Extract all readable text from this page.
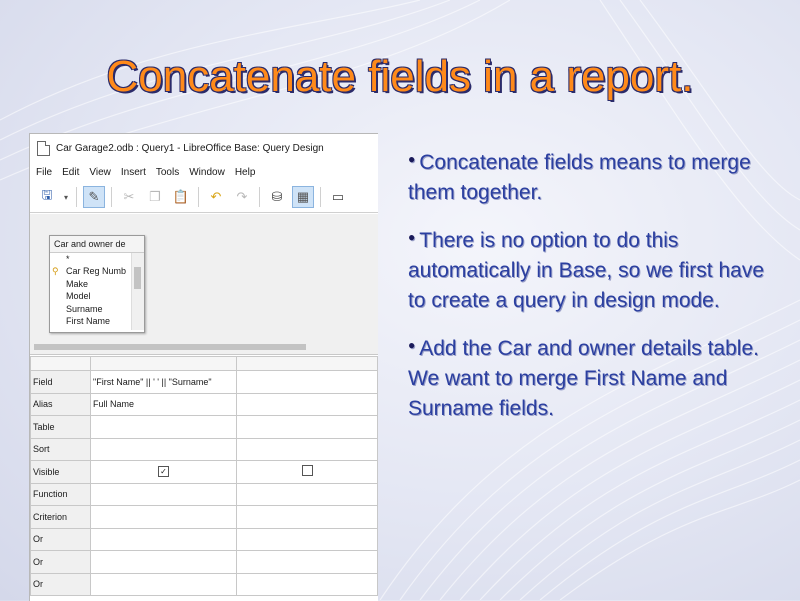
Concatenate fields in a report.
Car Garage2.odb : Query1 - LibreOffice Base: Query Design
File Edit View Insert Tools Window Help
🖫	▾	✎	✂	❐ 📋	↶	↷	⛁	▦	▭
Car and owner de
*
⚲ Car Reg Numb
Make
Model
Surname
First Name

Field	"First Name" || ' ' || "Surname"	
Alias	Full Name	
Table		
Sort		
Visible	✓	
Function		
Criterion		
Or		
Or		
Or		

● Concatenate fields means to merge them together.

● There is no option to do this automatically in Base, so we first have to create a query in design mode.

● Add the Car and owner details table. We want to merge First Name and Surname fields.
